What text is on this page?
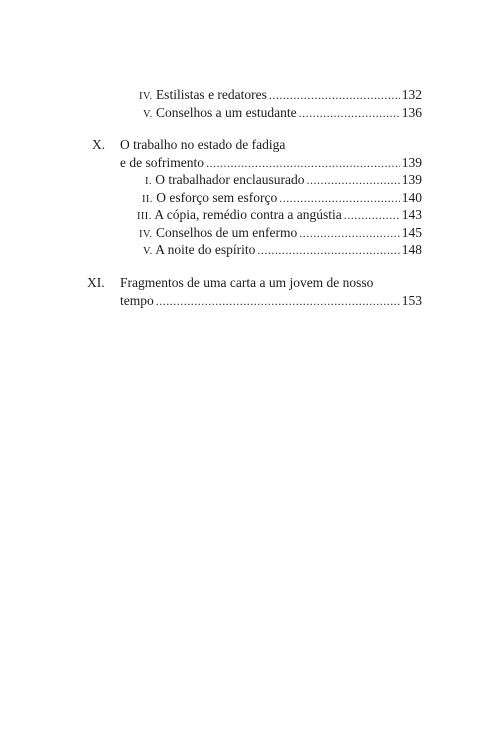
IV. Estilistas e redatores .....	132
V. Conselhos a um estudante .....	136
X. O trabalho no estado de fadiga
e de sofrimento .....	139
I. O trabalhador enclausurado .....	139
II. O esforço sem esforço .....	140
III. A cópia, remédio contra a angústia .....	143
IV. Conselhos de um enfermo .....	145
V. A noite do espírito .....	148
XI. Fragmentos de uma carta a um jovem de nosso
tempo .....	153
